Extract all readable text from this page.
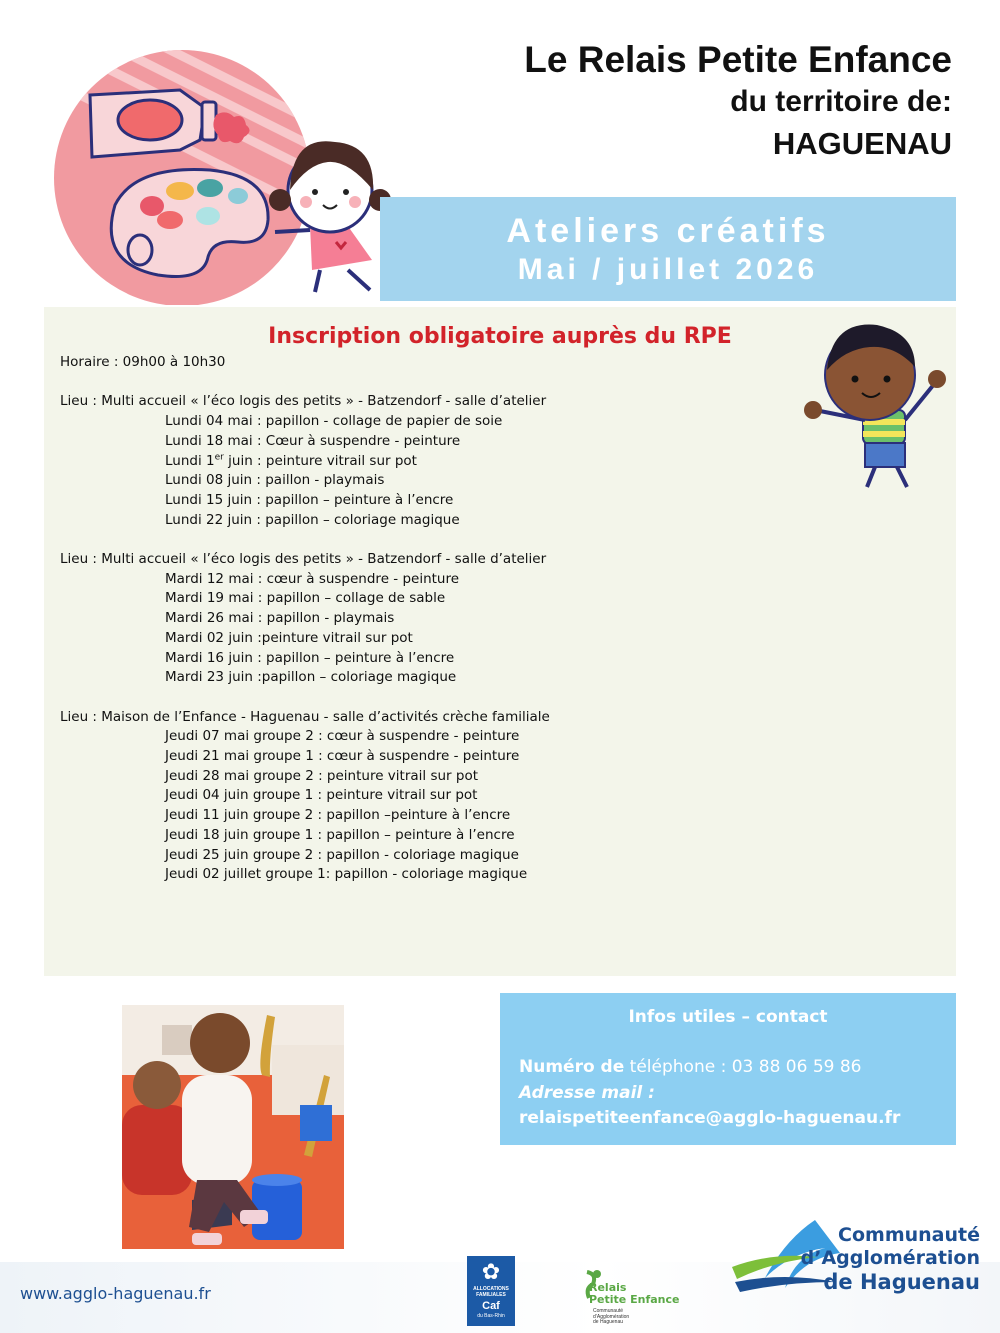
Le Relais Petite Enfance
du territoire de:
HAGUENAU
Ateliers créatifs
Mai / juillet 2026
Inscription obligatoire auprès du RPE
Horaire : 09h00 à 10h30
Lieu : Multi accueil « l’éco logis des petits » - Batzendorf - salle d’atelier
Lundi 04 mai : papillon - collage de papier de soie
Lundi 18 mai : Cœur à suspendre - peinture
Lundi 1er juin : peinture vitrail sur pot
Lundi 08 juin : paillon - playmais
Lundi 15 juin : papillon – peinture à l’encre
Lundi 22 juin : papillon – coloriage magique
Lieu : Multi accueil « l’éco logis des petits » - Batzendorf - salle d’atelier
Mardi 12 mai : cœur à suspendre - peinture
Mardi 19 mai : papillon – collage de sable
Mardi 26 mai : papillon - playmais
Mardi 02 juin :peinture vitrail sur pot
Mardi 16 juin : papillon – peinture à l’encre
Mardi 23 juin :papillon – coloriage magique
Lieu : Maison de l’Enfance - Haguenau - salle d’activités crèche familiale
Jeudi 07 mai groupe 2 : cœur à suspendre - peinture
Jeudi 21 mai groupe 1 : cœur à suspendre - peinture
Jeudi 28 mai groupe 2 : peinture vitrail sur pot
Jeudi 04 juin groupe 1 : peinture vitrail sur pot
Jeudi 11 juin groupe 2 : papillon –peinture à l’encre
Jeudi 18 juin groupe 1 : papillon – peinture à l’encre
Jeudi 25 juin groupe 2 : papillon - coloriage magique
Jeudi 02 juillet groupe 1: papillon - coloriage magique
Infos utiles – contact
Numéro de téléphone : 03 88 06 59 86
Adresse mail :
relaispetiteenfance@agglo-haguenau.fr
www.agglo-haguenau.fr
✿
ALLOCATIONS
FAMILIALES
Caf
du Bas-Rhin
Relais
Petite Enfance
Communauté
d’Agglomération
de Haguenau
Communauté
d’Agglomération
de Haguenau
